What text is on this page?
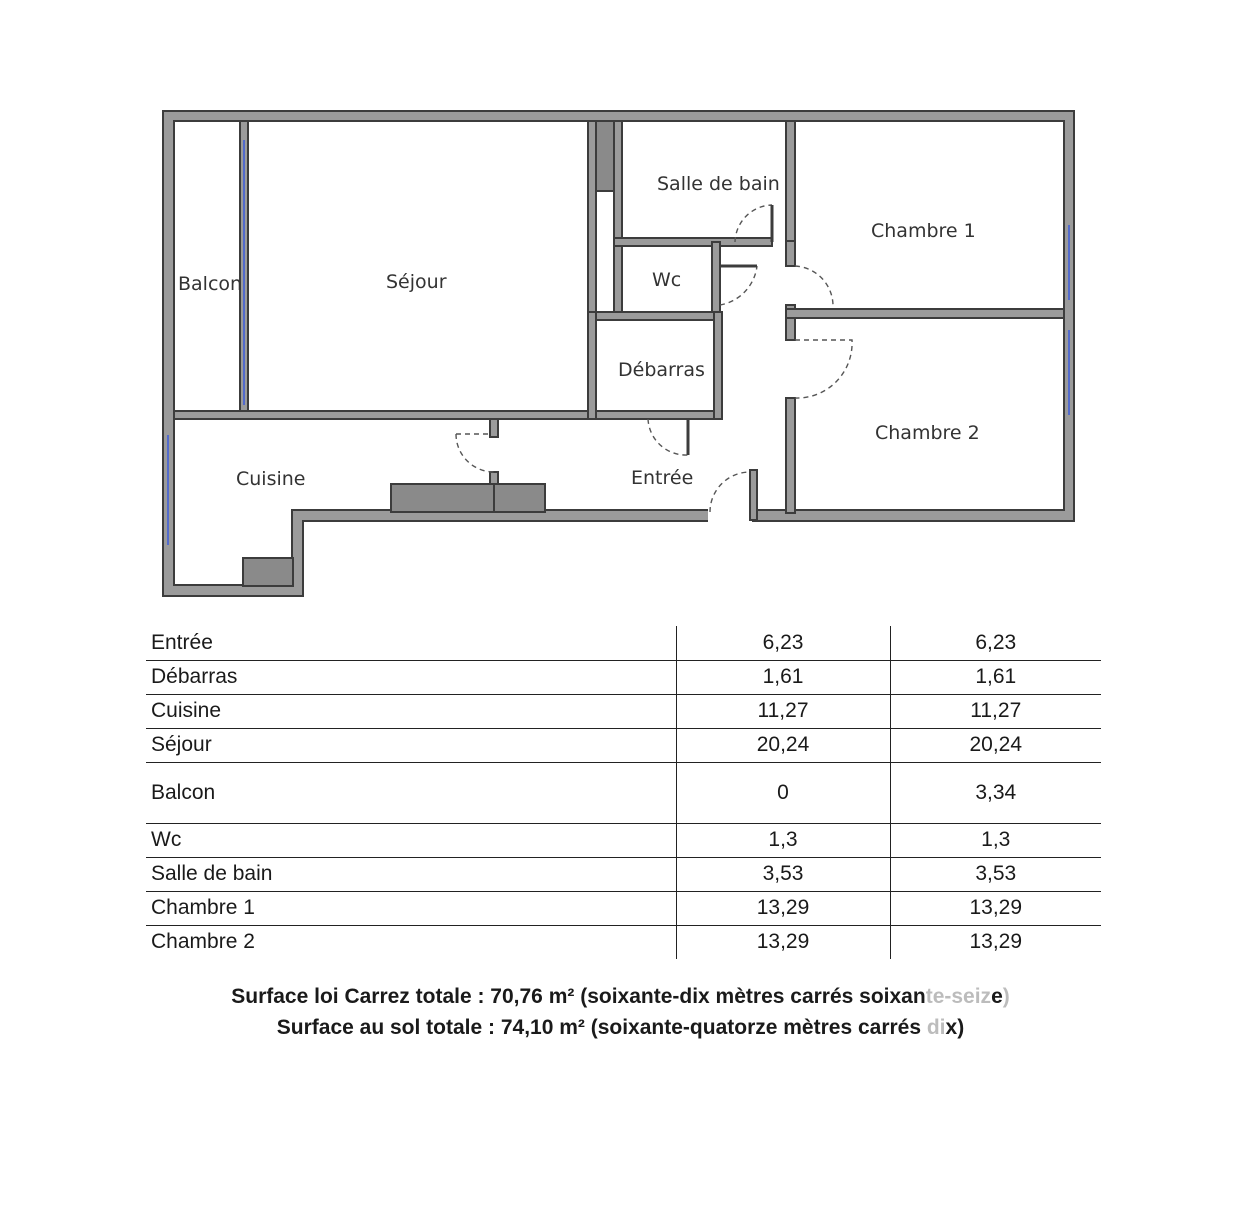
Balcon	Séjour
Salle de bain
Chambre 1
Wc
Débarras
Chambre 2
Cuisine	Entrée
Entrée	6,23	6,23
Débarras	1,61	1,61
Cuisine	11,27	11,27
Séjour	20,24	20,24
Balcon	0	3,34
Wc	1,3	1,3
Salle de bain	3,53	3,53
Chambre 1	13,29	13,29
Chambre 2	13,29	13,29
Surface loi Carrez totale : 70,76 m² (soixante-dix mètres carrés soixante-seize)
Surface au sol totale : 74,10 m² (soixante-quatorze mètres carrés dix)
